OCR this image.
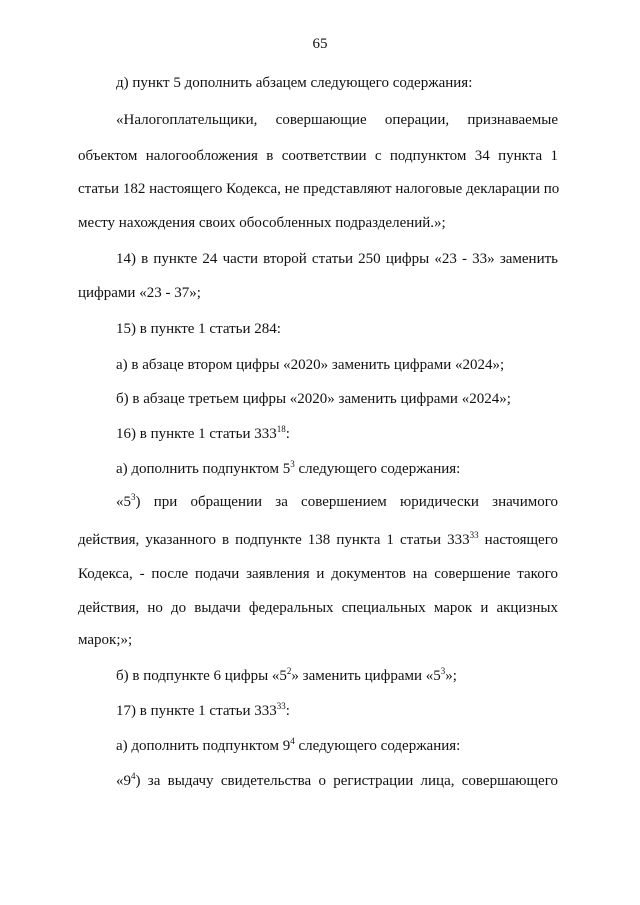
65
д) пункт 5 дополнить абзацем следующего содержания:
«Налогоплательщики, совершающие операции, признаваемые
объектом налогообложения в соответствии с подпунктом 34 пункта 1
статьи 182 настоящего Кодекса, не представляют налоговые декларации по
месту нахождения своих обособленных подразделений.»;
14) в пункте 24 части второй статьи 250 цифры «23 - 33» заменить
цифрами «23 - 37»;
15) в пункте 1 статьи 284:
а) в абзаце втором цифры «2020» заменить цифрами «2024»;
б) в абзаце третьем цифры «2020» заменить цифрами «2024»;
16) в пункте 1 статьи $333^{18}$:
а) дополнить подпунктом $5^3$ следующего содержания:
«$5^3$) при обращении за совершением юридически значимого
действия, указанного в подпункте 138 пункта 1 статьи $333^{33}$ настоящего
Кодекса, - после подачи заявления и документов на совершение такого
действия, но до выдачи федеральных специальных марок и акцизных
марок;»;
б) в подпункте 6 цифры «$5^2$» заменить цифрами «$5^3$»;
17) в пункте 1 статьи $333^{33}$:
а) дополнить подпунктом $9^4$ следующего содержания:
«$9^4$) за выдачу свидетельства о регистрации лица, совершающего
